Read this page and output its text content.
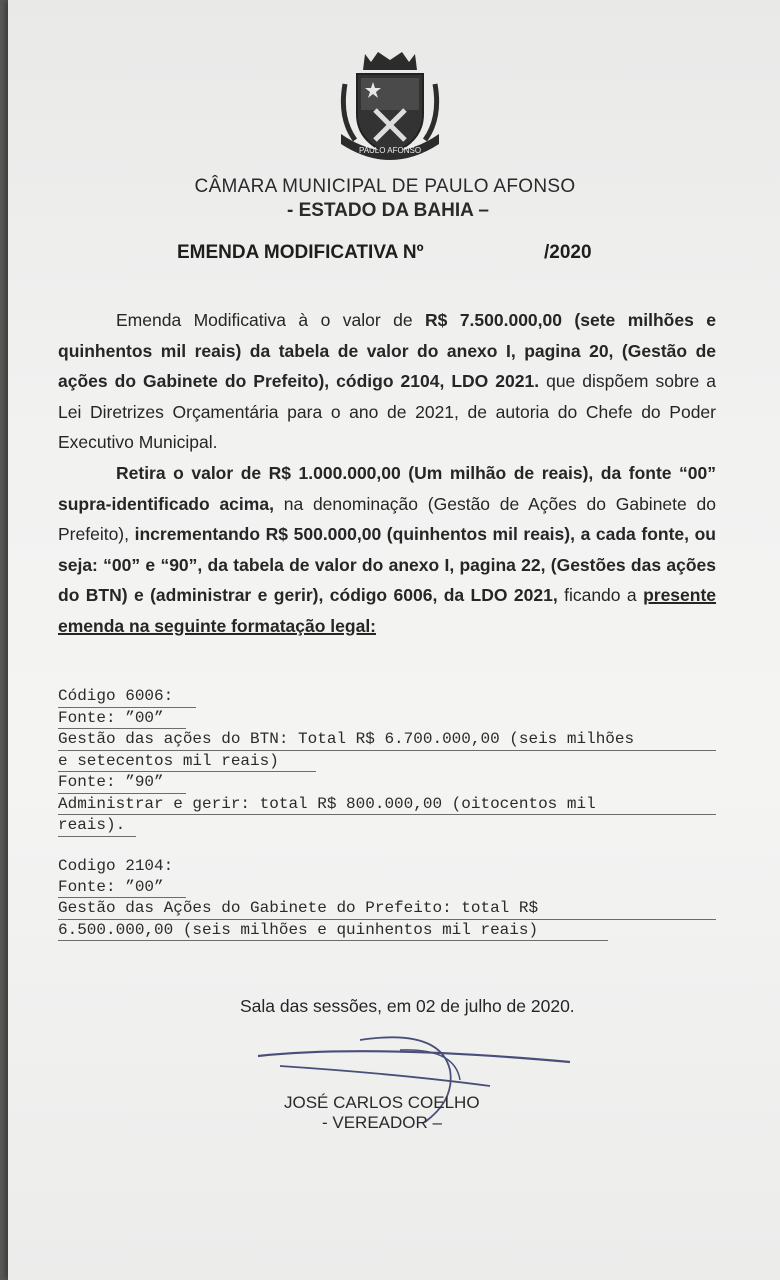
PAULO AFONSO
CÂMARA MUNICIPAL DE PAULO AFONSO
- ESTADO DA BAHIA –
EMENDA MODIFICATIVA Nº	/2020
Emenda Modificativa à o valor de R$ 7.500.000,00 (sete milhões e quinhentos mil reais) da tabela de valor do anexo I, pagina 20, (Gestão de ações do Gabinete do Prefeito), código 2104, LDO 2021. que dispõem sobre a Lei Diretrizes Orçamentária para o ano de 2021, de autoria do Chefe do Poder Executivo Municipal.
Retira o valor de R$ 1.000.000,00 (Um milhão de reais), da fonte “00” supra-identificado acima, na denominação (Gestão de Ações do Gabinete do Prefeito), incrementando R$ 500.000,00 (quinhentos mil reais), a cada fonte, ou seja: “00” e “90”, da tabela de valor do anexo I, pagina 22, (Gestões das ações do BTN) e (administrar e gerir), código 6006, da LDO 2021, ficando a presente emenda na seguinte formatação legal:
Código 6006:
Fonte: ”00”
Gestão das ações do BTN: Total R$ 6.700.000,00 (seis milhões
e setecentos mil reais)
Fonte: ”90”
Administrar e gerir: total R$ 800.000,00 (oitocentos mil
reais).
Codigo 2104:
Fonte: ”00”
Gestão das Ações do Gabinete do Prefeito: total R$
6.500.000,00 (seis milhões e quinhentos mil reais)
Sala das sessões, em 02 de julho de 2020.
JOSÉ CARLOS COELHO
- VEREADOR –
